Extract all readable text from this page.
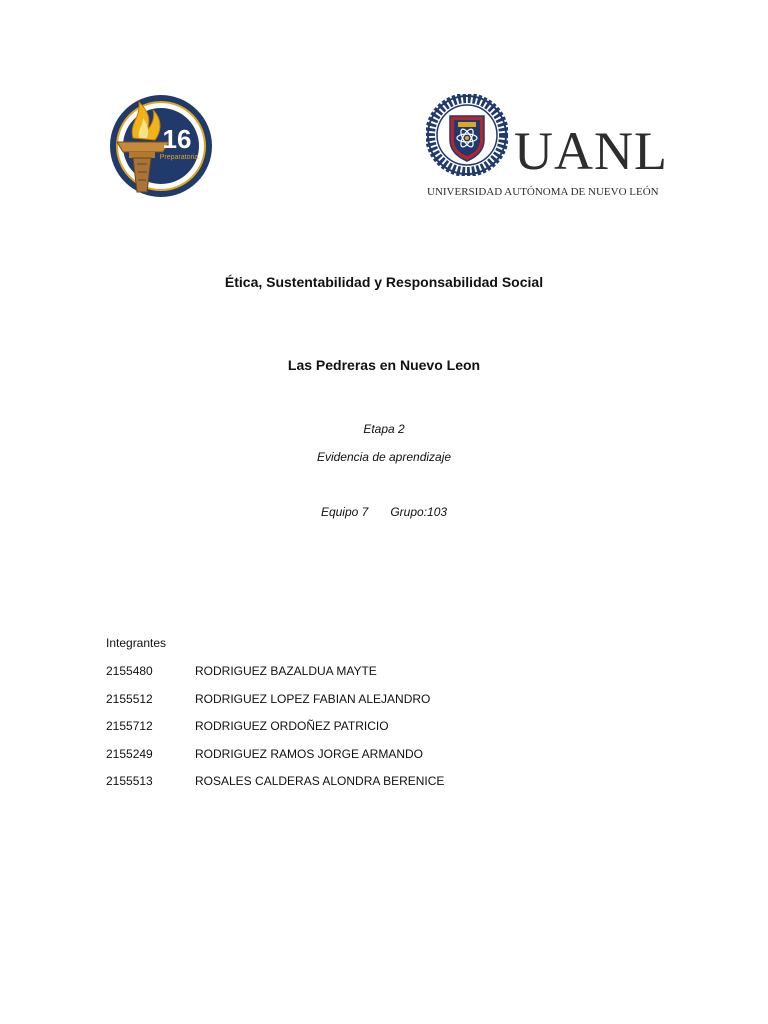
16
Preparatoria	UANL
UNIVERSIDAD AUTÓNOMA DE NUEVO LEÓN
Ética, Sustentabilidad y Responsabilidad Social
Las Pedreras en Nuevo Leon
Etapa 2
Evidencia de aprendizaje
Equipo 7 Grupo:103
Integrantes
2155480	RODRIGUEZ BAZALDUA MAYTE
2155512	RODRIGUEZ LOPEZ FABIAN ALEJANDRO
2155712	RODRIGUEZ ORDOÑEZ PATRICIO
2155249	RODRIGUEZ RAMOS JORGE ARMANDO
2155513	ROSALES CALDERAS ALONDRA BERENICE
